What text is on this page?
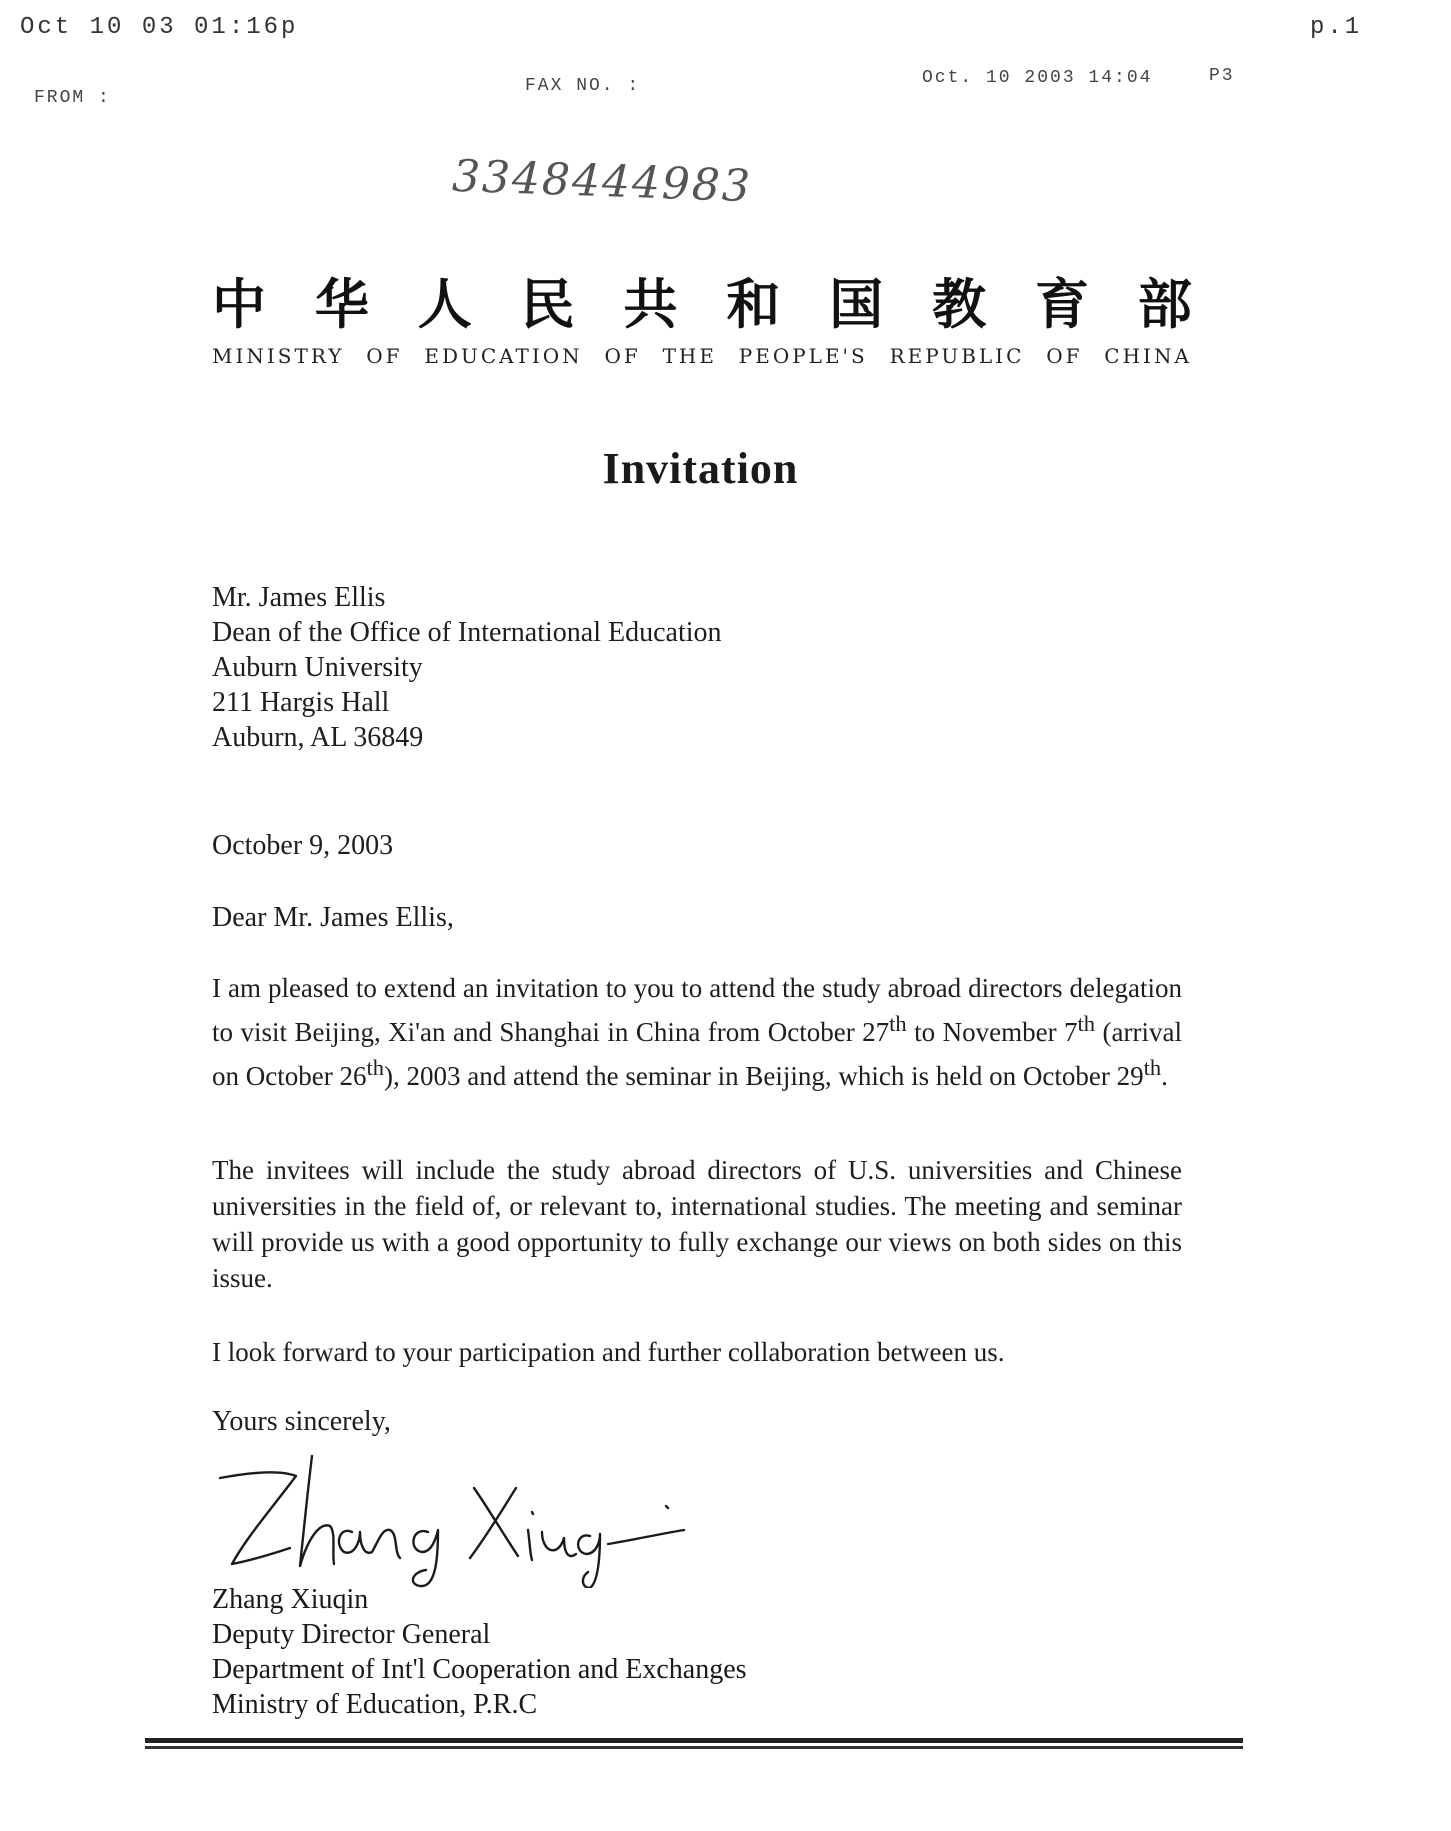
Oct 10 03 01:16p	p.1
FROM :
FAX NO. :	Oct. 10 2003 14:04	P3
3348444983
中 华 人 民 共 和 国 教 育 部
MINISTRY OF EDUCATION OF THE PEOPLE'S REPUBLIC OF CHINA
Invitation
Mr. James Ellis
Dean of the Office of International Education
Auburn University
211 Hargis Hall
Auburn, AL 36849
October 9, 2003
Dear Mr. James Ellis,

I am pleased to extend an invitation to you to attend the study abroad directors delegation to visit Beijing, Xi'an and Shanghai in China from October 27th to November 7th (arrival on October 26th), 2003 and attend the seminar in Beijing, which is held on October 29th.

The invitees will include the study abroad directors of U.S. universities and Chinese universities in the field of, or relevant to, international studies. The meeting and seminar will provide us with a good opportunity to fully exchange our views on both sides on this issue.

I look forward to your participation and further collaboration between us.

Yours sincerely,
Zhang Xiuqin
Deputy Director General
Department of Int'l Cooperation and Exchanges
Ministry of Education, P.R.C
